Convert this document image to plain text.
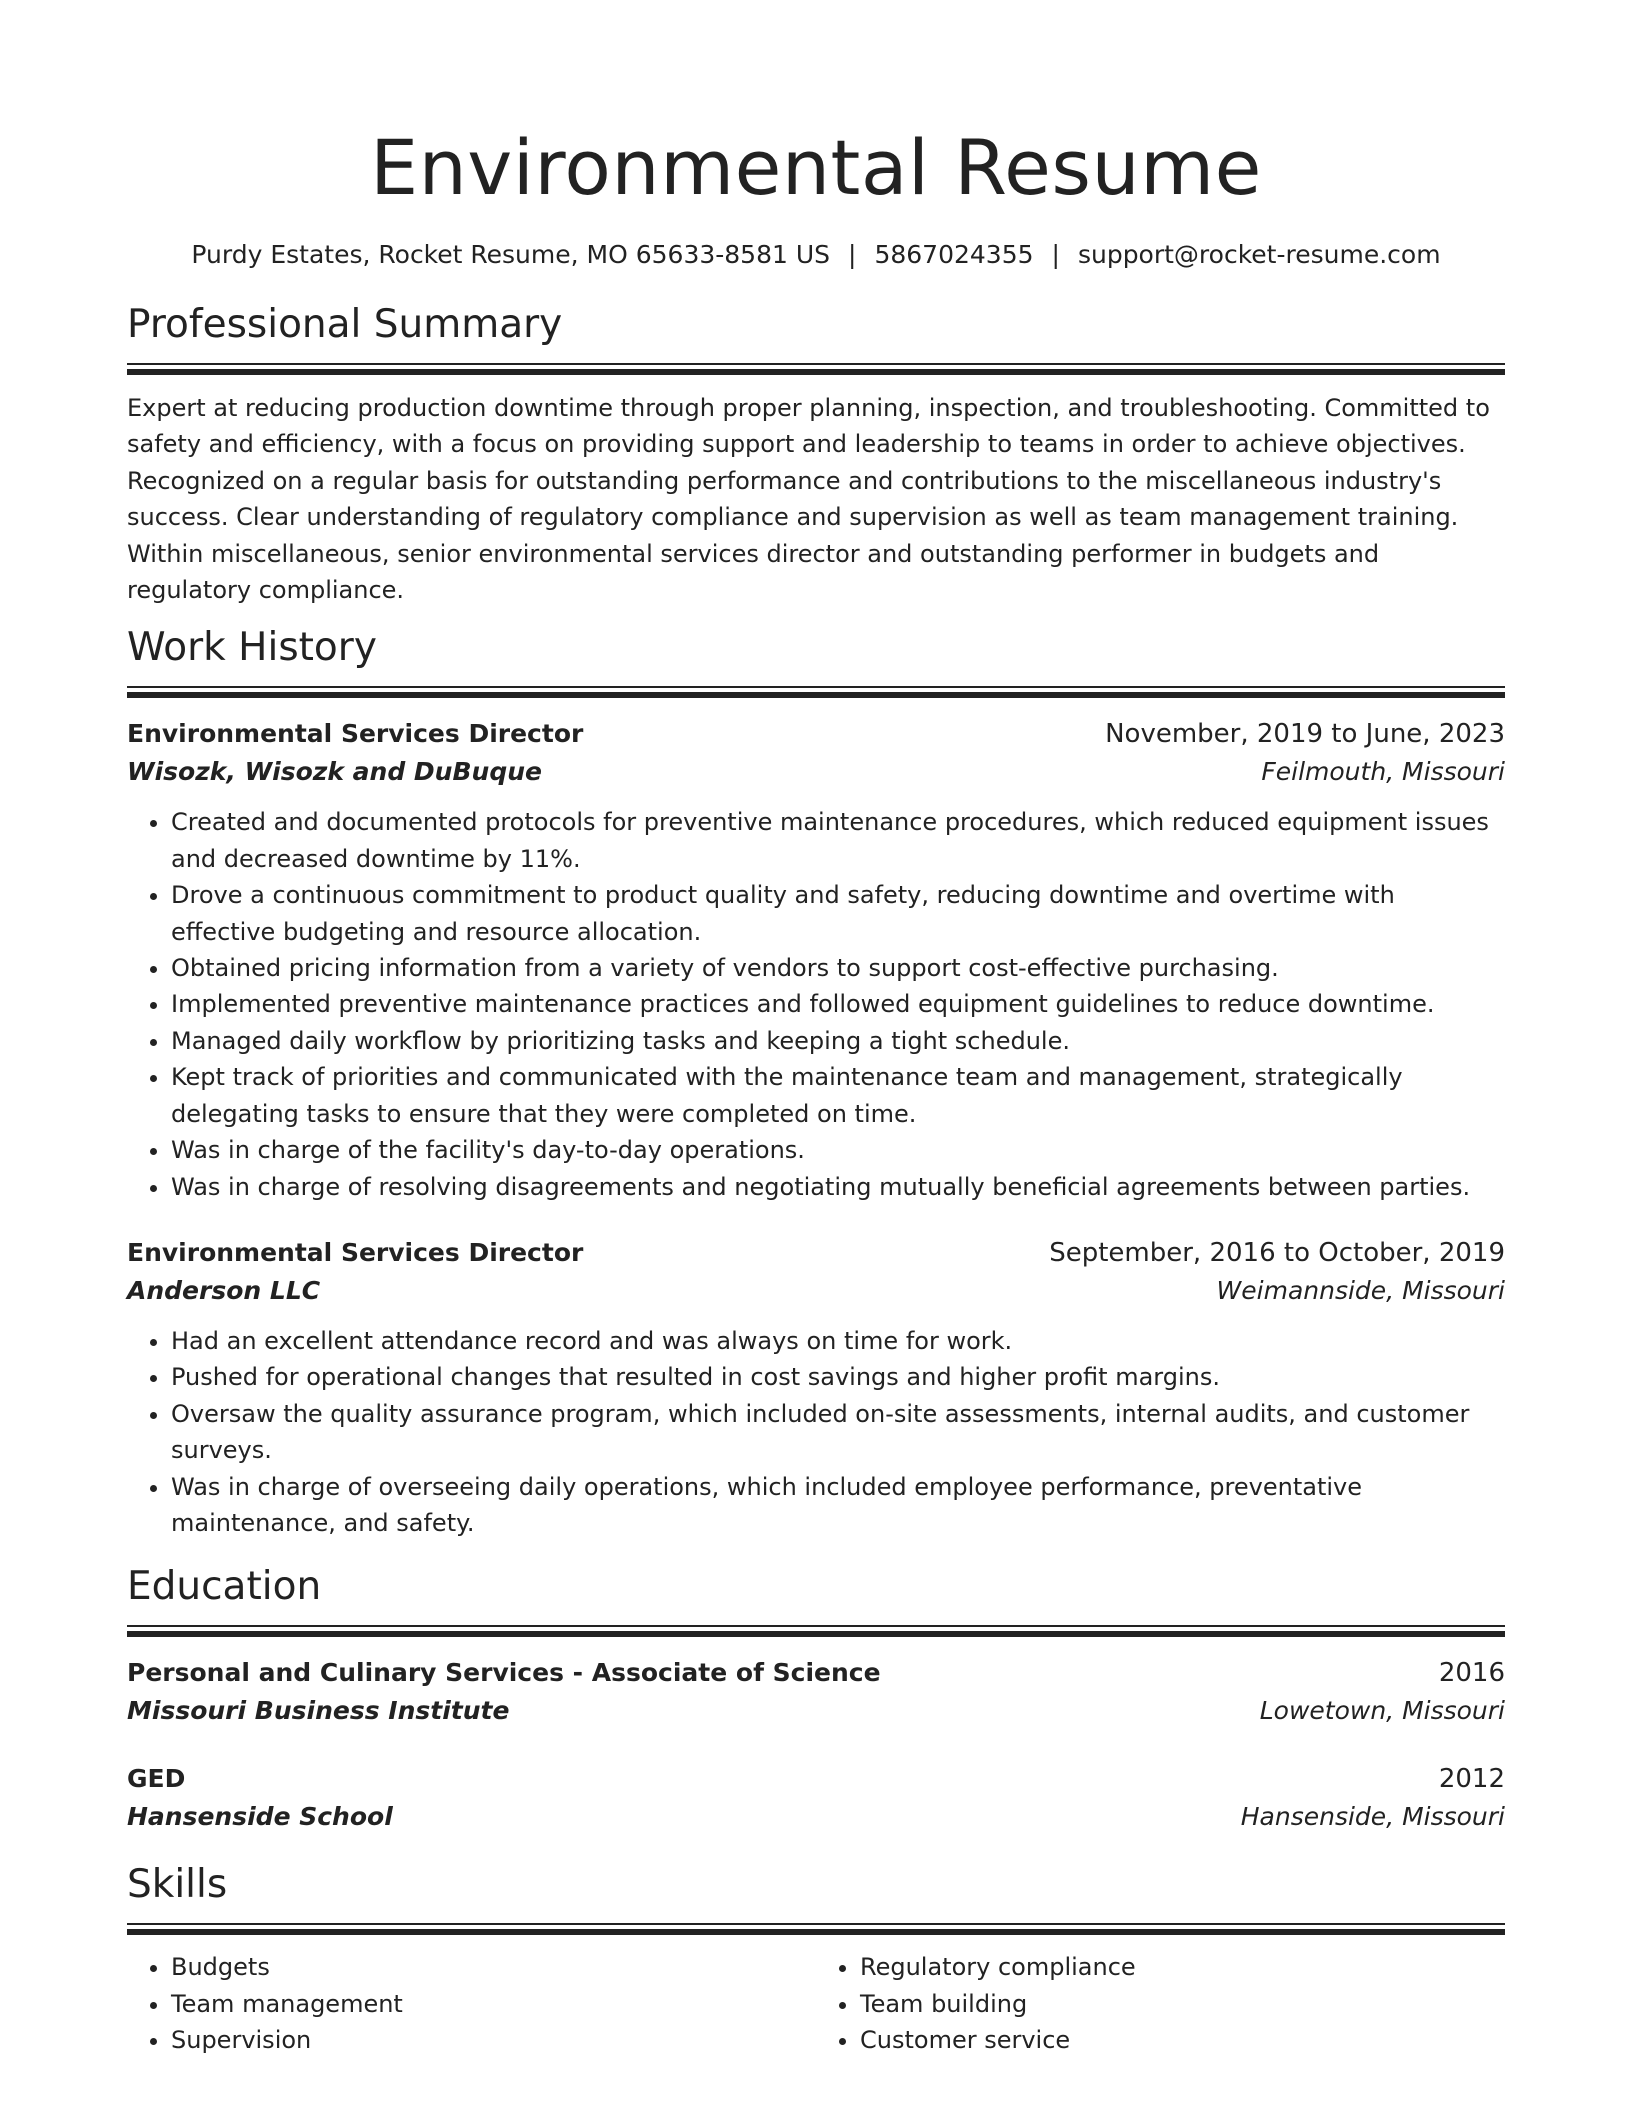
Environmental Resume
Purdy Estates, Rocket Resume, MO 65633-8581 US | 5867024355 | support@rocket-resume.com
Professional Summary

Expert at reducing production downtime through proper planning, inspection, and troubleshooting. Committed to safety and efficiency, with a focus on providing support and leadership to teams in order to achieve objectives. Recognized on a regular basis for outstanding performance and contributions to the miscellaneous industry's success. Clear understanding of regulatory compliance and supervision as well as team management training. Within miscellaneous, senior environmental services director and outstanding performer in budgets and regulatory compliance.

Work History
Environmental Services Director	November, 2019 to June, 2023
Wisozk, Wisozk and DuBuque	Feilmouth, Missouri
• Created and documented protocols for preventive maintenance procedures, which reduced equipment issues and decreased downtime by 11%.
• Drove a continuous commitment to product quality and safety, reducing downtime and overtime with effective budgeting and resource allocation.
• Obtained pricing information from a variety of vendors to support cost-effective purchasing.
• Implemented preventive maintenance practices and followed equipment guidelines to reduce downtime.
• Managed daily workflow by prioritizing tasks and keeping a tight schedule.
• Kept track of priorities and communicated with the maintenance team and management, strategically delegating tasks to ensure that they were completed on time.
• Was in charge of the facility's day-to-day operations.
• Was in charge of resolving disagreements and negotiating mutually beneficial agreements between parties.
Environmental Services Director	September, 2016 to October, 2019
Anderson LLC	Weimannside, Missouri
• Had an excellent attendance record and was always on time for work.
• Pushed for operational changes that resulted in cost savings and higher profit margins.
• Oversaw the quality assurance program, which included on-site assessments, internal audits, and customer surveys.
• Was in charge of overseeing daily operations, which included employee performance, preventative maintenance, and safety.
Education
Personal and Culinary Services - Associate of Science	2016
Missouri Business Institute	Lowetown, Missouri
GED	2012
Hansenside School	Hansenside, Missouri
Skills
• Budgets
• Team management
• Supervision
• Regulatory compliance
• Team building
• Customer service
